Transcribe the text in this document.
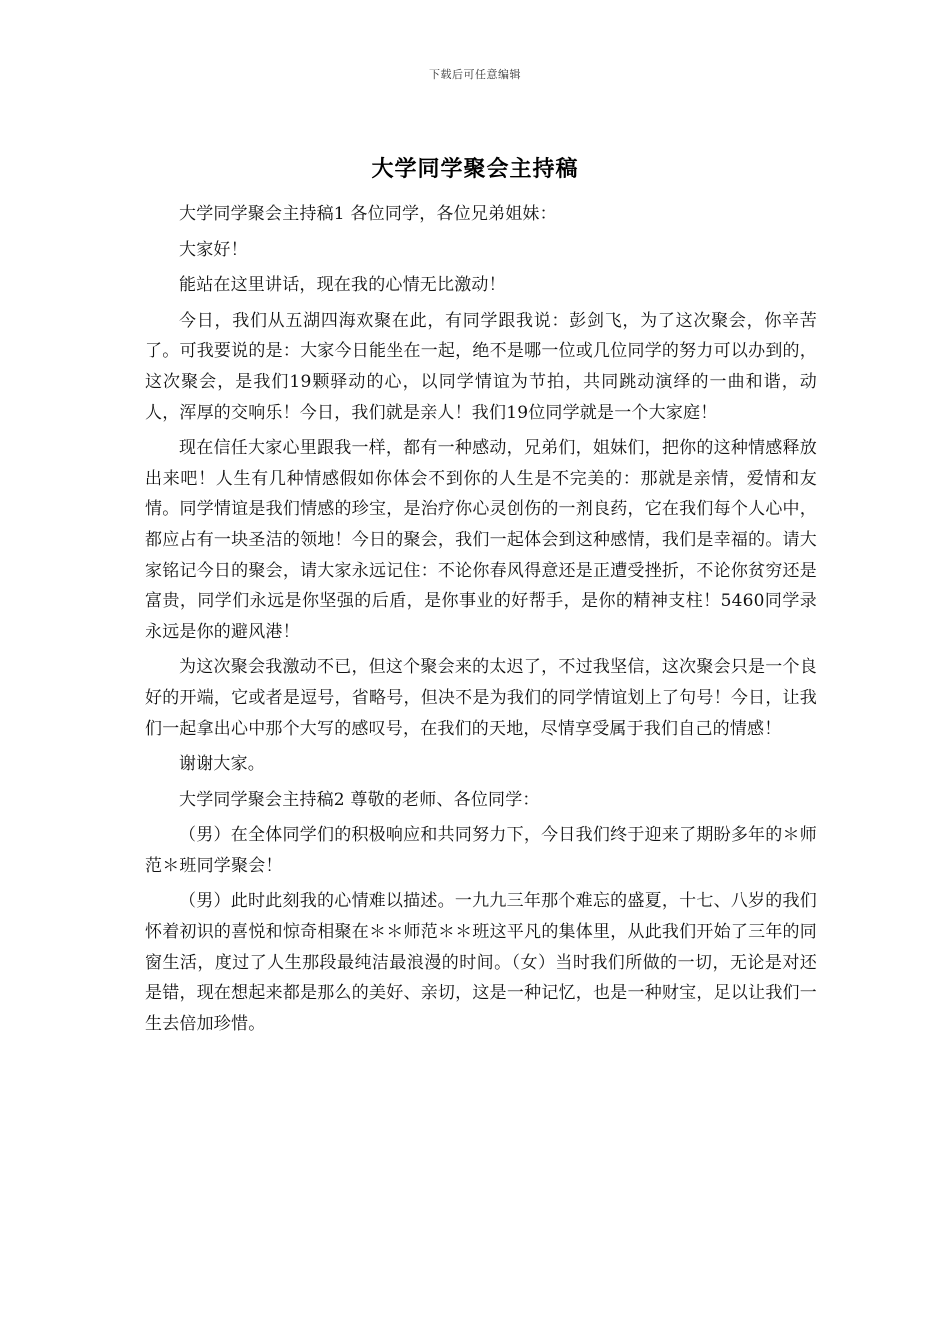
下载后可任意编辑
大学同学聚会主持稿

大学同学聚会主持稿1 各位同学，各位兄弟姐妹：

大家好！

能站在这里讲话，现在我的心情无比激动！

今日，我们从五湖四海欢聚在此，有同学跟我说：彭剑飞，为了这次聚会，你辛苦了。可我要说的是：大家今日能坐在一起，绝不是哪一位或几位同学的努力可以办到的，这次聚会，是我们19颗驿动的心，以同学情谊为节拍，共同跳动演绎的一曲和谐，动人，浑厚的交响乐！今日，我们就是亲人！我们19位同学就是一个大家庭！

现在信任大家心里跟我一样，都有一种感动，兄弟们，姐妹们，把你的这种情感释放出来吧！人生有几种情感假如你体会不到你的人生是不完美的：那就是亲情，爱情和友情。同学情谊是我们情感的珍宝，是治疗你心灵创伤的一剂良药，它在我们每个人心中，都应占有一块圣洁的领地！今日的聚会，我们一起体会到这种感情，我们是幸福的。请大家铭记今日的聚会，请大家永远记住：不论你春风得意还是正遭受挫折，不论你贫穷还是富贵，同学们永远是你坚强的后盾，是你事业的好帮手，是你的精神支柱！5460同学录永远是你的避风港！

为这次聚会我激动不已，但这个聚会来的太迟了，不过我坚信，这次聚会只是一个良好的开端，它或者是逗号，省略号，但决不是为我们的同学情谊划上了句号！今日，让我们一起拿出心中那个大写的感叹号，在我们的天地，尽情享受属于我们自己的情感！

谢谢大家。

大学同学聚会主持稿2 尊敬的老师、各位同学：

（男）在全体同学们的积极响应和共同努力下，今日我们终于迎来了期盼多年的＊师范＊班同学聚会！

（男）此时此刻我的心情难以描述。一九九三年那个难忘的盛夏，十七、八岁的我们怀着初识的喜悦和惊奇相聚在＊＊师范＊＊班这平凡的集体里，从此我们开始了三年的同窗生活，度过了人生那段最纯洁最浪漫的时间。（女）当时我们所做的一切，无论是对还是错，现在想起来都是那么的美好、亲切，这是一种记忆，也是一种财宝，足以让我们一生去倍加珍惜。
